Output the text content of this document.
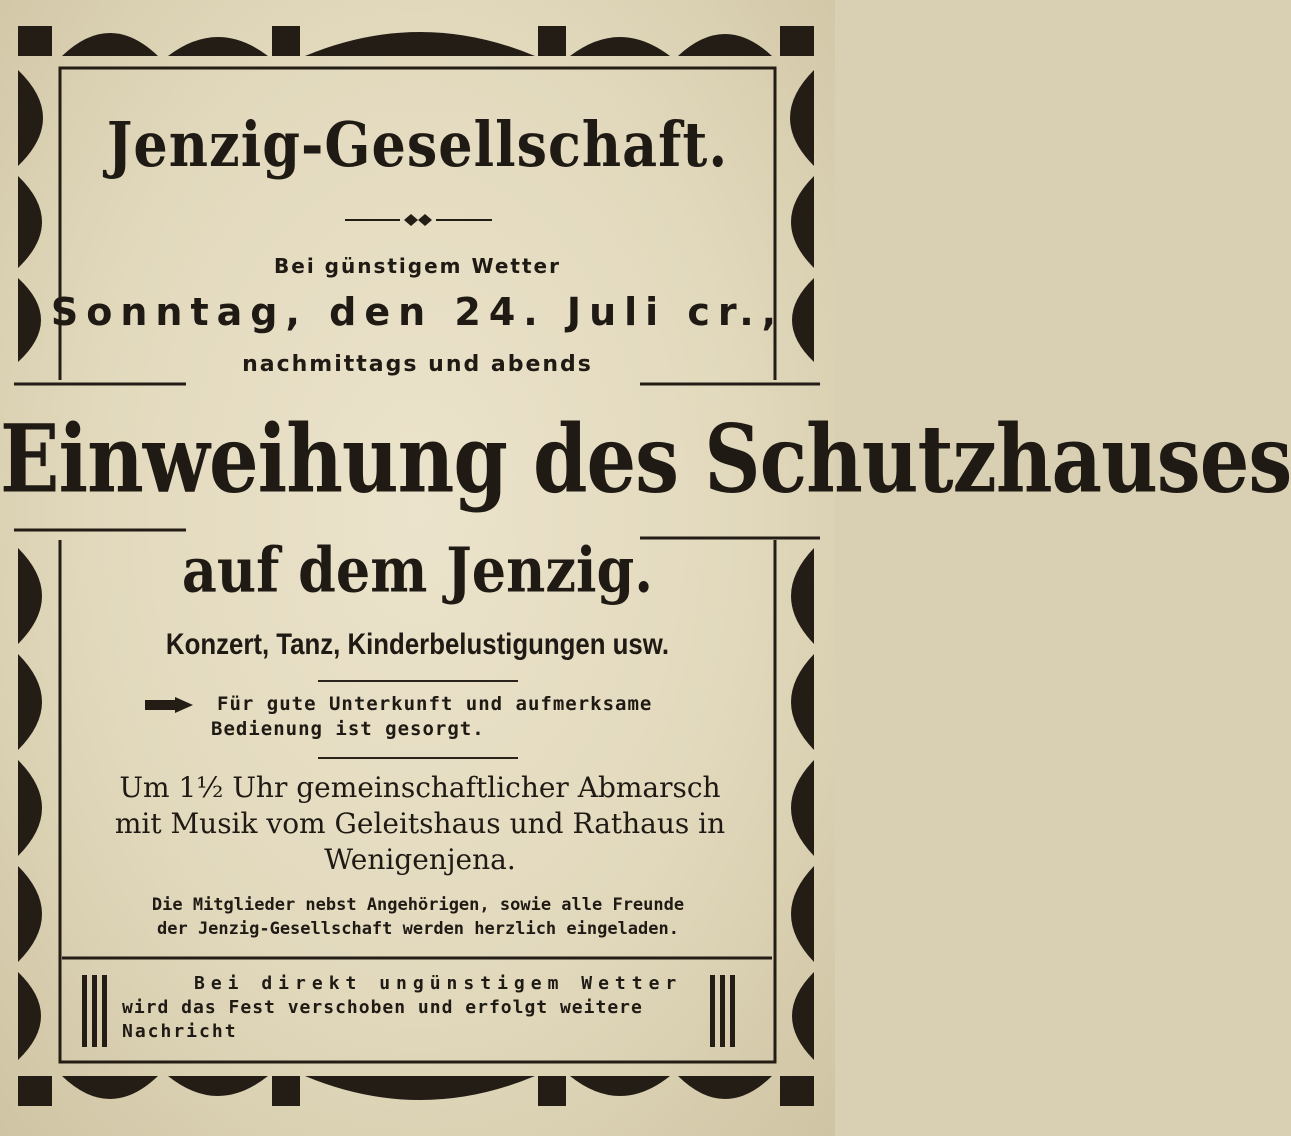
Jenzig-Gesellschaft.

Bei günstigem Wetter

Sonntag, den 24. Juli cr.,

nachmittags und abends

Einweihung des Schutzhauses
auf dem Jenzig.

Konzert, Tanz, Kinderbelustigungen usw.

Für gute Unterkunft und aufmerksame
Bedienung ist gesorgt.

Um 1½ Uhr gemeinschaftlicher Abmarsch
mit Musik vom Geleitshaus und Rathaus in
Wenigenjena.

Die Mitglieder nebst Angehörigen, sowie alle Freunde
der Jenzig-Gesellschaft werden herzlich eingeladen.

Bei direkt ungünstigem Wetter
wird das Fest verschoben und erfolgt weitere
Nachricht
